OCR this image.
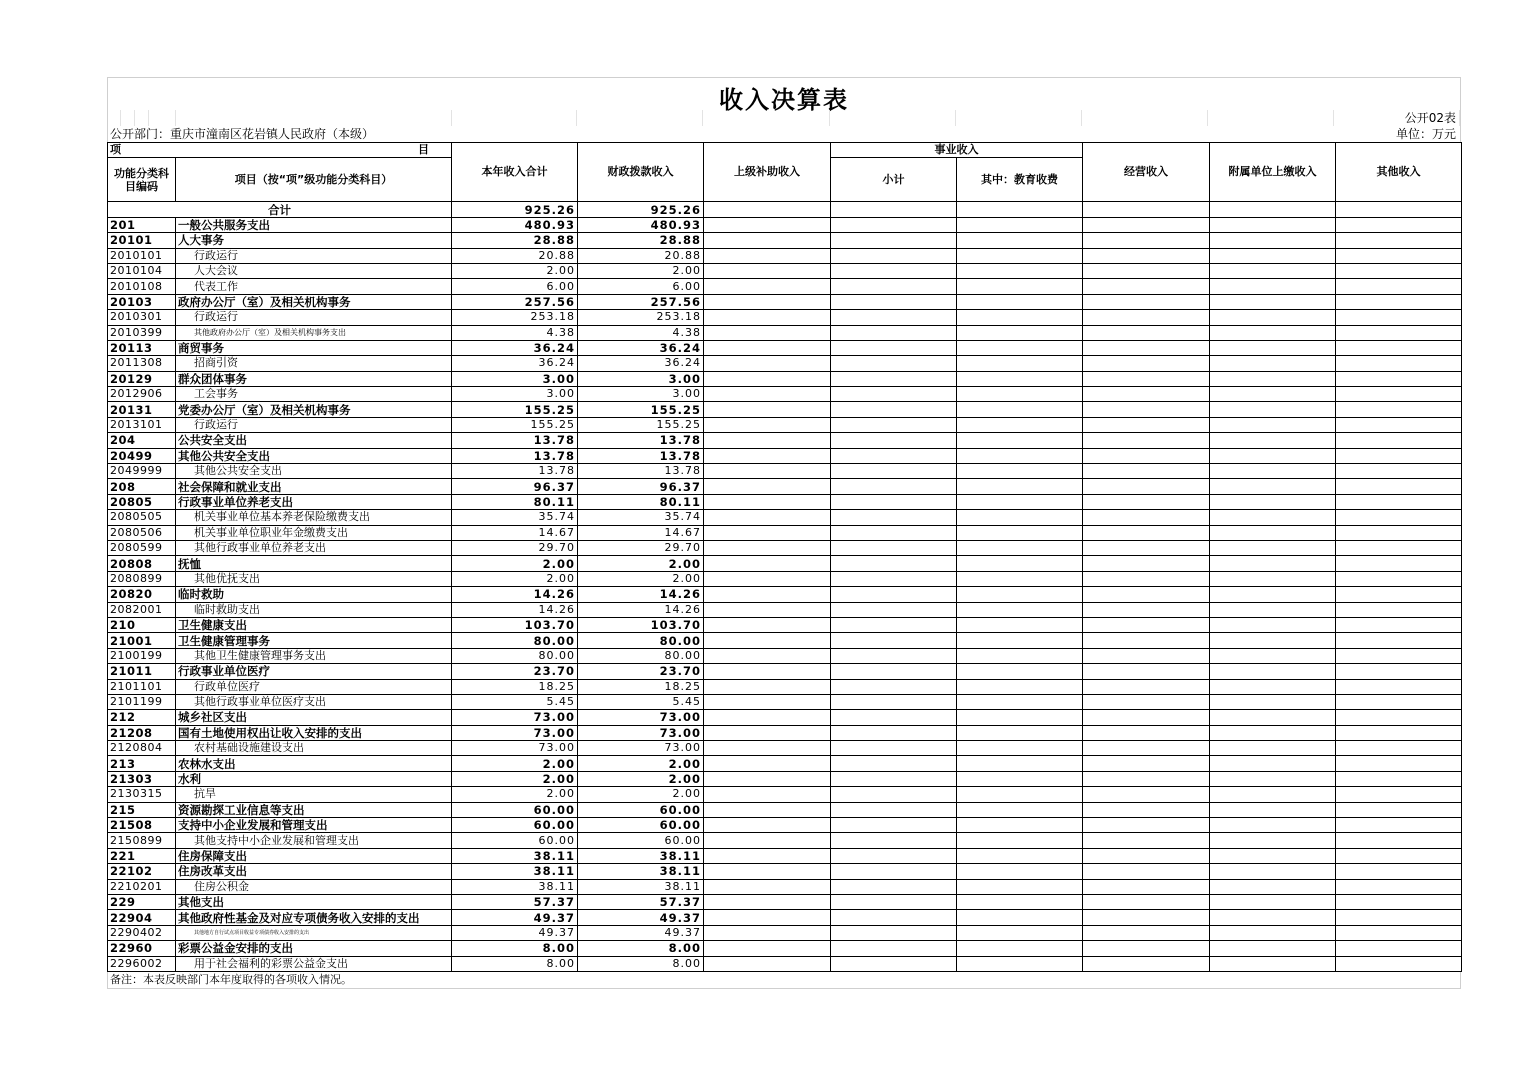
收入决算表
公开02表
公开部门：重庆市潼南区花岩镇人民政府（本级）	单位：万元
项　　　　　　　　　　　　　　　　　　　　　　　　　　　目		本年收入合计	财政拨款收入	上级补助收入	事业收入		经营收入	附属单位上缴收入	其他收入
功能分类科目编码	项目（按“项”级功能分类科目）				小计	其中：教育收费			
合计		925.26	925.26						
201	一般公共服务支出	480.93	480.93						
20101	人大事务	28.88	28.88						
2010101	行政运行	20.88	20.88						
2010104	人大会议	2.00	2.00						
2010108	代表工作	6.00	6.00						
20103	政府办公厅（室）及相关机构事务	257.56	257.56						
2010301	行政运行	253.18	253.18						
2010399	其他政府办公厅（室）及相关机构事务支出	4.38	4.38						
20113	商贸事务	36.24	36.24						
2011308	招商引资	36.24	36.24						
20129	群众团体事务	3.00	3.00						
2012906	工会事务	3.00	3.00						
20131	党委办公厅（室）及相关机构事务	155.25	155.25						
2013101	行政运行	155.25	155.25						
204	公共安全支出	13.78	13.78						
20499	其他公共安全支出	13.78	13.78						
2049999	其他公共安全支出	13.78	13.78						
208	社会保障和就业支出	96.37	96.37						
20805	行政事业单位养老支出	80.11	80.11						
2080505	机关事业单位基本养老保险缴费支出	35.74	35.74						
2080506	机关事业单位职业年金缴费支出	14.67	14.67						
2080599	其他行政事业单位养老支出	29.70	29.70						
20808	抚恤	2.00	2.00						
2080899	其他优抚支出	2.00	2.00						
20820	临时救助	14.26	14.26						
2082001	临时救助支出	14.26	14.26						
210	卫生健康支出	103.70	103.70						
21001	卫生健康管理事务	80.00	80.00						
2100199	其他卫生健康管理事务支出	80.00	80.00						
21011	行政事业单位医疗	23.70	23.70						
2101101	行政单位医疗	18.25	18.25						
2101199	其他行政事业单位医疗支出	5.45	5.45						
212	城乡社区支出	73.00	73.00						
21208	国有土地使用权出让收入安排的支出	73.00	73.00						
2120804	农村基础设施建设支出	73.00	73.00						
213	农林水支出	2.00	2.00						
21303	水利	2.00	2.00						
2130315	抗旱	2.00	2.00						
215	资源勘探工业信息等支出	60.00	60.00						
21508	支持中小企业发展和管理支出	60.00	60.00						
2150899	其他支持中小企业发展和管理支出	60.00	60.00						
221	住房保障支出	38.11	38.11						
22102	住房改革支出	38.11	38.11						
2210201	住房公积金	38.11	38.11						
229	其他支出	57.37	57.37						
22904	其他政府性基金及对应专项债务收入安排的支出	49.37	49.37						
2290402	其他地方自行试点项目收益专项债券收入安排的支出	49.37	49.37						
22960	彩票公益金安排的支出	8.00	8.00						
2296002	用于社会福利的彩票公益金支出	8.00	8.00						
备注：本表反映部门本年度取得的各项收入情况。
